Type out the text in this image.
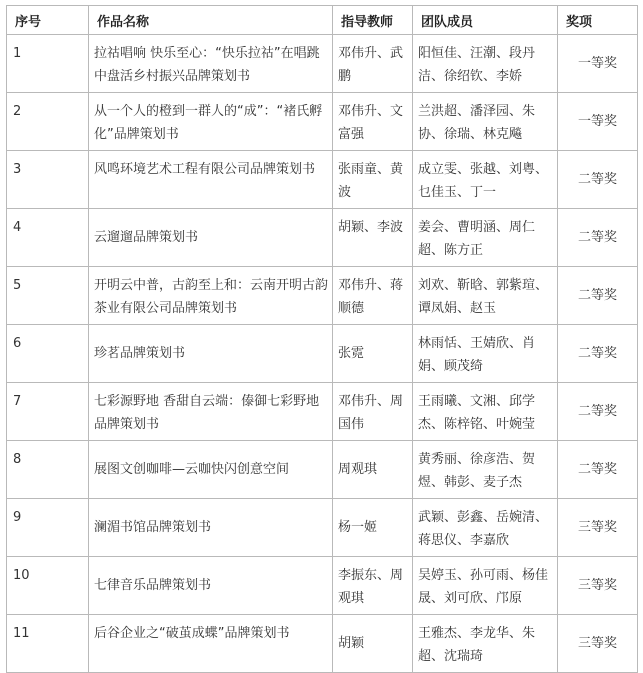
序号	作品名称	指导教师	团队成员	奖项
1	拉祜唱响 快乐至心：“快乐拉祜”在唱跳中盘活乡村振兴品牌策划书	邓伟升、武鹏	阳恒佳、汪潮、段丹洁、徐绍钦、李娇	一等奖
2	从一个人的橙到一群人的“成”：“褚氏孵化”品牌策划书	邓伟升、文富强	兰洪超、潘泽园、朱协、徐瑞、林克飚	一等奖
3	风鸣环境艺术工程有限公司品牌策划书	张雨童、黄波	成立雯、张越、刘粤、乜佳玉、丁一	二等奖
4	云遛遛品牌策划书	胡颖、李波	姜会、曹明涵、周仁超、陈方正	二等奖
5	开明云中普，古韵至上和：云南开明古韵茶业有限公司品牌策划书	邓伟升、蒋顺德	刘欢、靳晗、郭紫瑄、谭凤娟、赵玉	二等奖
6	珍茗品牌策划书	张霓	林雨恬、王婧欣、肖娟、顾茂绮	二等奖
7	七彩源野地 香甜自云端：傣御七彩野地品牌策划书	邓伟升、周国伟	王雨曦、文湘、邱学杰、陈梓铭、叶婉莹	二等奖
8	展图文创咖啡—云咖快闪创意空间	周观琪	黄秀丽、徐彦浩、贺煜、韩彭、麦子杰	二等奖
9	澜湄书馆品牌策划书	杨一姬	武颖、彭鑫、岳婉清、蒋思仪、李嘉欣	三等奖
10	七律音乐品牌策划书	李振东、周观琪	吴婷玉、孙可雨、杨佳晟、刘可欣、邝原	三等奖
11	后谷企业之“破茧成蝶”品牌策划书	胡颖	王雅杰、李龙华、朱超、沈瑞琦	三等奖
